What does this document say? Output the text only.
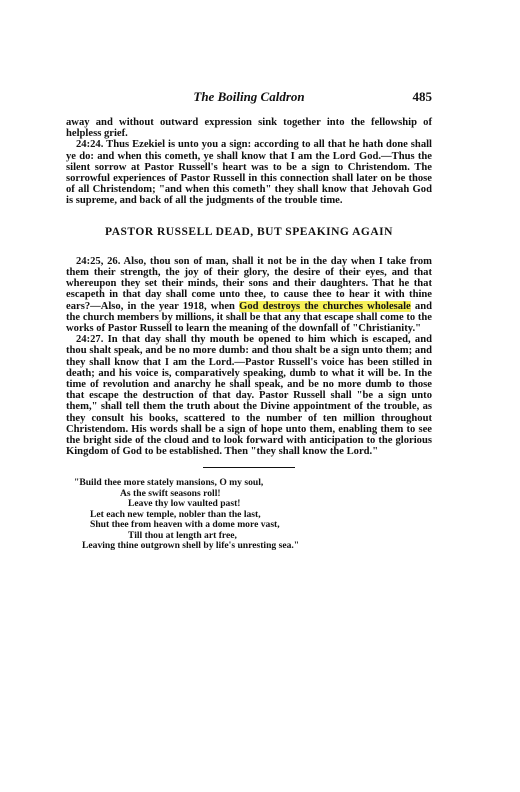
The Boiling Caldron	485

away and without outward expression sink together into the fellowship of helpless grief.

24:24. Thus Ezekiel is unto you a sign: according to all that he hath done shall ye do: and when this cometh, ye shall know that I am the Lord God.—Thus the silent sorrow at Pastor Russell's heart was to be a sign to Christendom. The sorrowful experiences of Pastor Russell in this connection shall later on be those of all Christendom; "and when this cometh" they shall know that Jehovah God is supreme, and back of all the judgments of the trouble time.

PASTOR RUSSELL DEAD, BUT SPEAKING AGAIN

24:25, 26. Also, thou son of man, shall it not be in the day when I take from them their strength, the joy of their glory, the desire of their eyes, and that whereupon they set their minds, their sons and their daughters. That he that escapeth in that day shall come unto thee, to cause thee to hear it with thine ears?—Also, in the year 1918, when God destroys the churches wholesale and the church members by millions, it shall be that any that escape shall come to the works of Pastor Russell to learn the meaning of the downfall of "Christianity."

24:27. In that day shall thy mouth be opened to him which is escaped, and thou shalt speak, and be no more dumb: and thou shalt be a sign unto them; and they shall know that I am the Lord.—Pastor Russell's voice has been stilled in death; and his voice is, comparatively speaking, dumb to what it will be. In the time of revolution and anarchy he shall speak, and be no more dumb to those that escape the destruction of that day. Pastor Russell shall "be a sign unto them," shall tell them the truth about the Divine appointment of the trouble, as they consult his books, scattered to the number of ten million throughout Christendom. His words shall be a sign of hope unto them, enabling them to see the bright side of the cloud and to look forward with anticipation to the glorious Kingdom of God to be established. Then "they shall know the Lord."

"Build thee more stately mansions, O my soul,
As the swift seasons roll!
Leave thy low vaulted past!
Let each new temple, nobler than the last,
Shut thee from heaven with a dome more vast,
Till thou at length art free,
Leaving thine outgrown shell by life's unresting sea."
